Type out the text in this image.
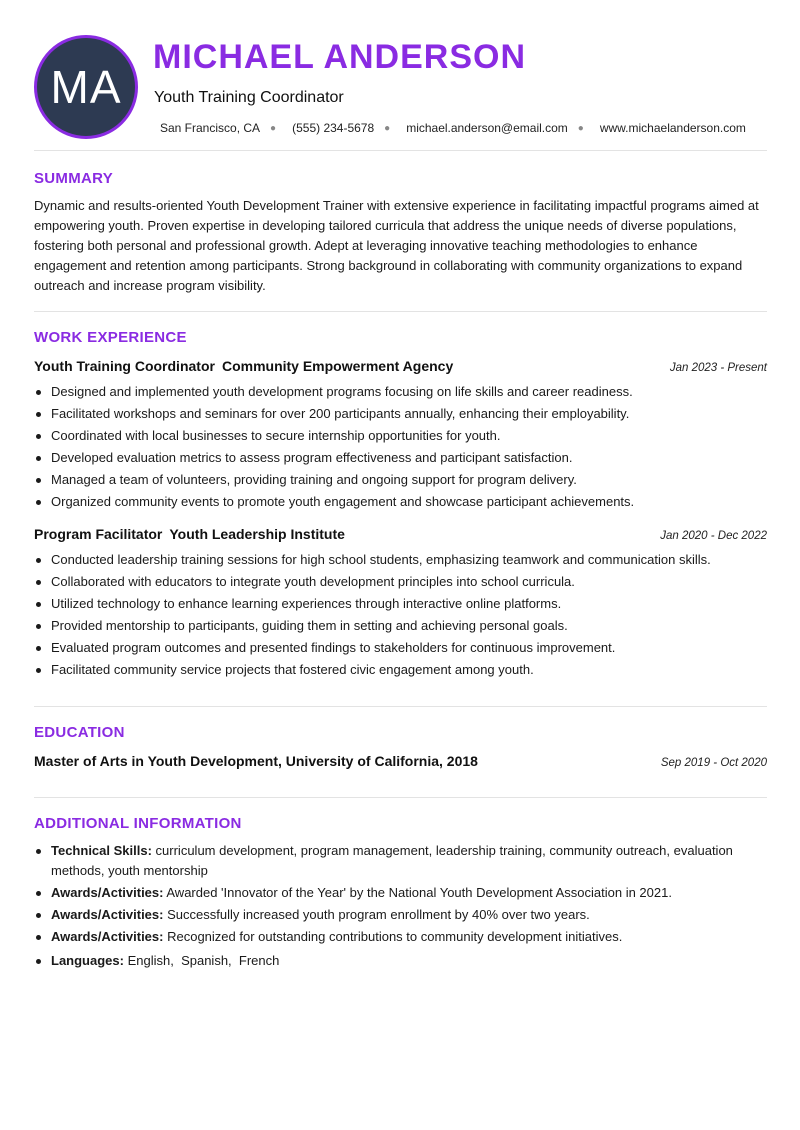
MA
MICHAEL ANDERSON
Youth Training Coordinator
San Francisco, CA ● (555) 234-5678 ● michael.anderson@email.com ● www.michaelanderson.com
SUMMARY

Dynamic and results-oriented Youth Development Trainer with extensive experience in facilitating impactful programs aimed at empowering youth. Proven expertise in developing tailored curricula that address the unique needs of diverse populations, fostering both personal and professional growth. Adept at leveraging innovative teaching methodologies to enhance engagement and retention among participants. Strong background in collaborating with community organizations to expand outreach and increase program visibility.

WORK EXPERIENCE
Youth Training Coordinator Community Empowerment Agency	Jan 2023 - Present
Designed and implemented youth development programs focusing on life skills and career readiness.
Facilitated workshops and seminars for over 200 participants annually, enhancing their employability.
Coordinated with local businesses to secure internship opportunities for youth.
Developed evaluation metrics to assess program effectiveness and participant satisfaction.
Managed a team of volunteers, providing training and ongoing support for program delivery.
Organized community events to promote youth engagement and showcase participant achievements.
Program Facilitator Youth Leadership Institute	Jan 2020 - Dec 2022
Conducted leadership training sessions for high school students, emphasizing teamwork and communication skills.
Collaborated with educators to integrate youth development principles into school curricula.
Utilized technology to enhance learning experiences through interactive online platforms.
Provided mentorship to participants, guiding them in setting and achieving personal goals.
Evaluated program outcomes and presented findings to stakeholders for continuous improvement.
Facilitated community service projects that fostered civic engagement among youth.
EDUCATION
Master of Arts in Youth Development, University of California, 2018	Sep 2019 - Oct 2020
ADDITIONAL INFORMATION
Technical Skills: curriculum development, program management, leadership training, community outreach, evaluation methods, youth mentorship
Awards/Activities: Awarded 'Innovator of the Year' by the National Youth Development Association in 2021.
Awards/Activities: Successfully increased youth program enrollment by 40% over two years.
Awards/Activities: Recognized for outstanding contributions to community development initiatives.
Languages: English,  Spanish,  French
